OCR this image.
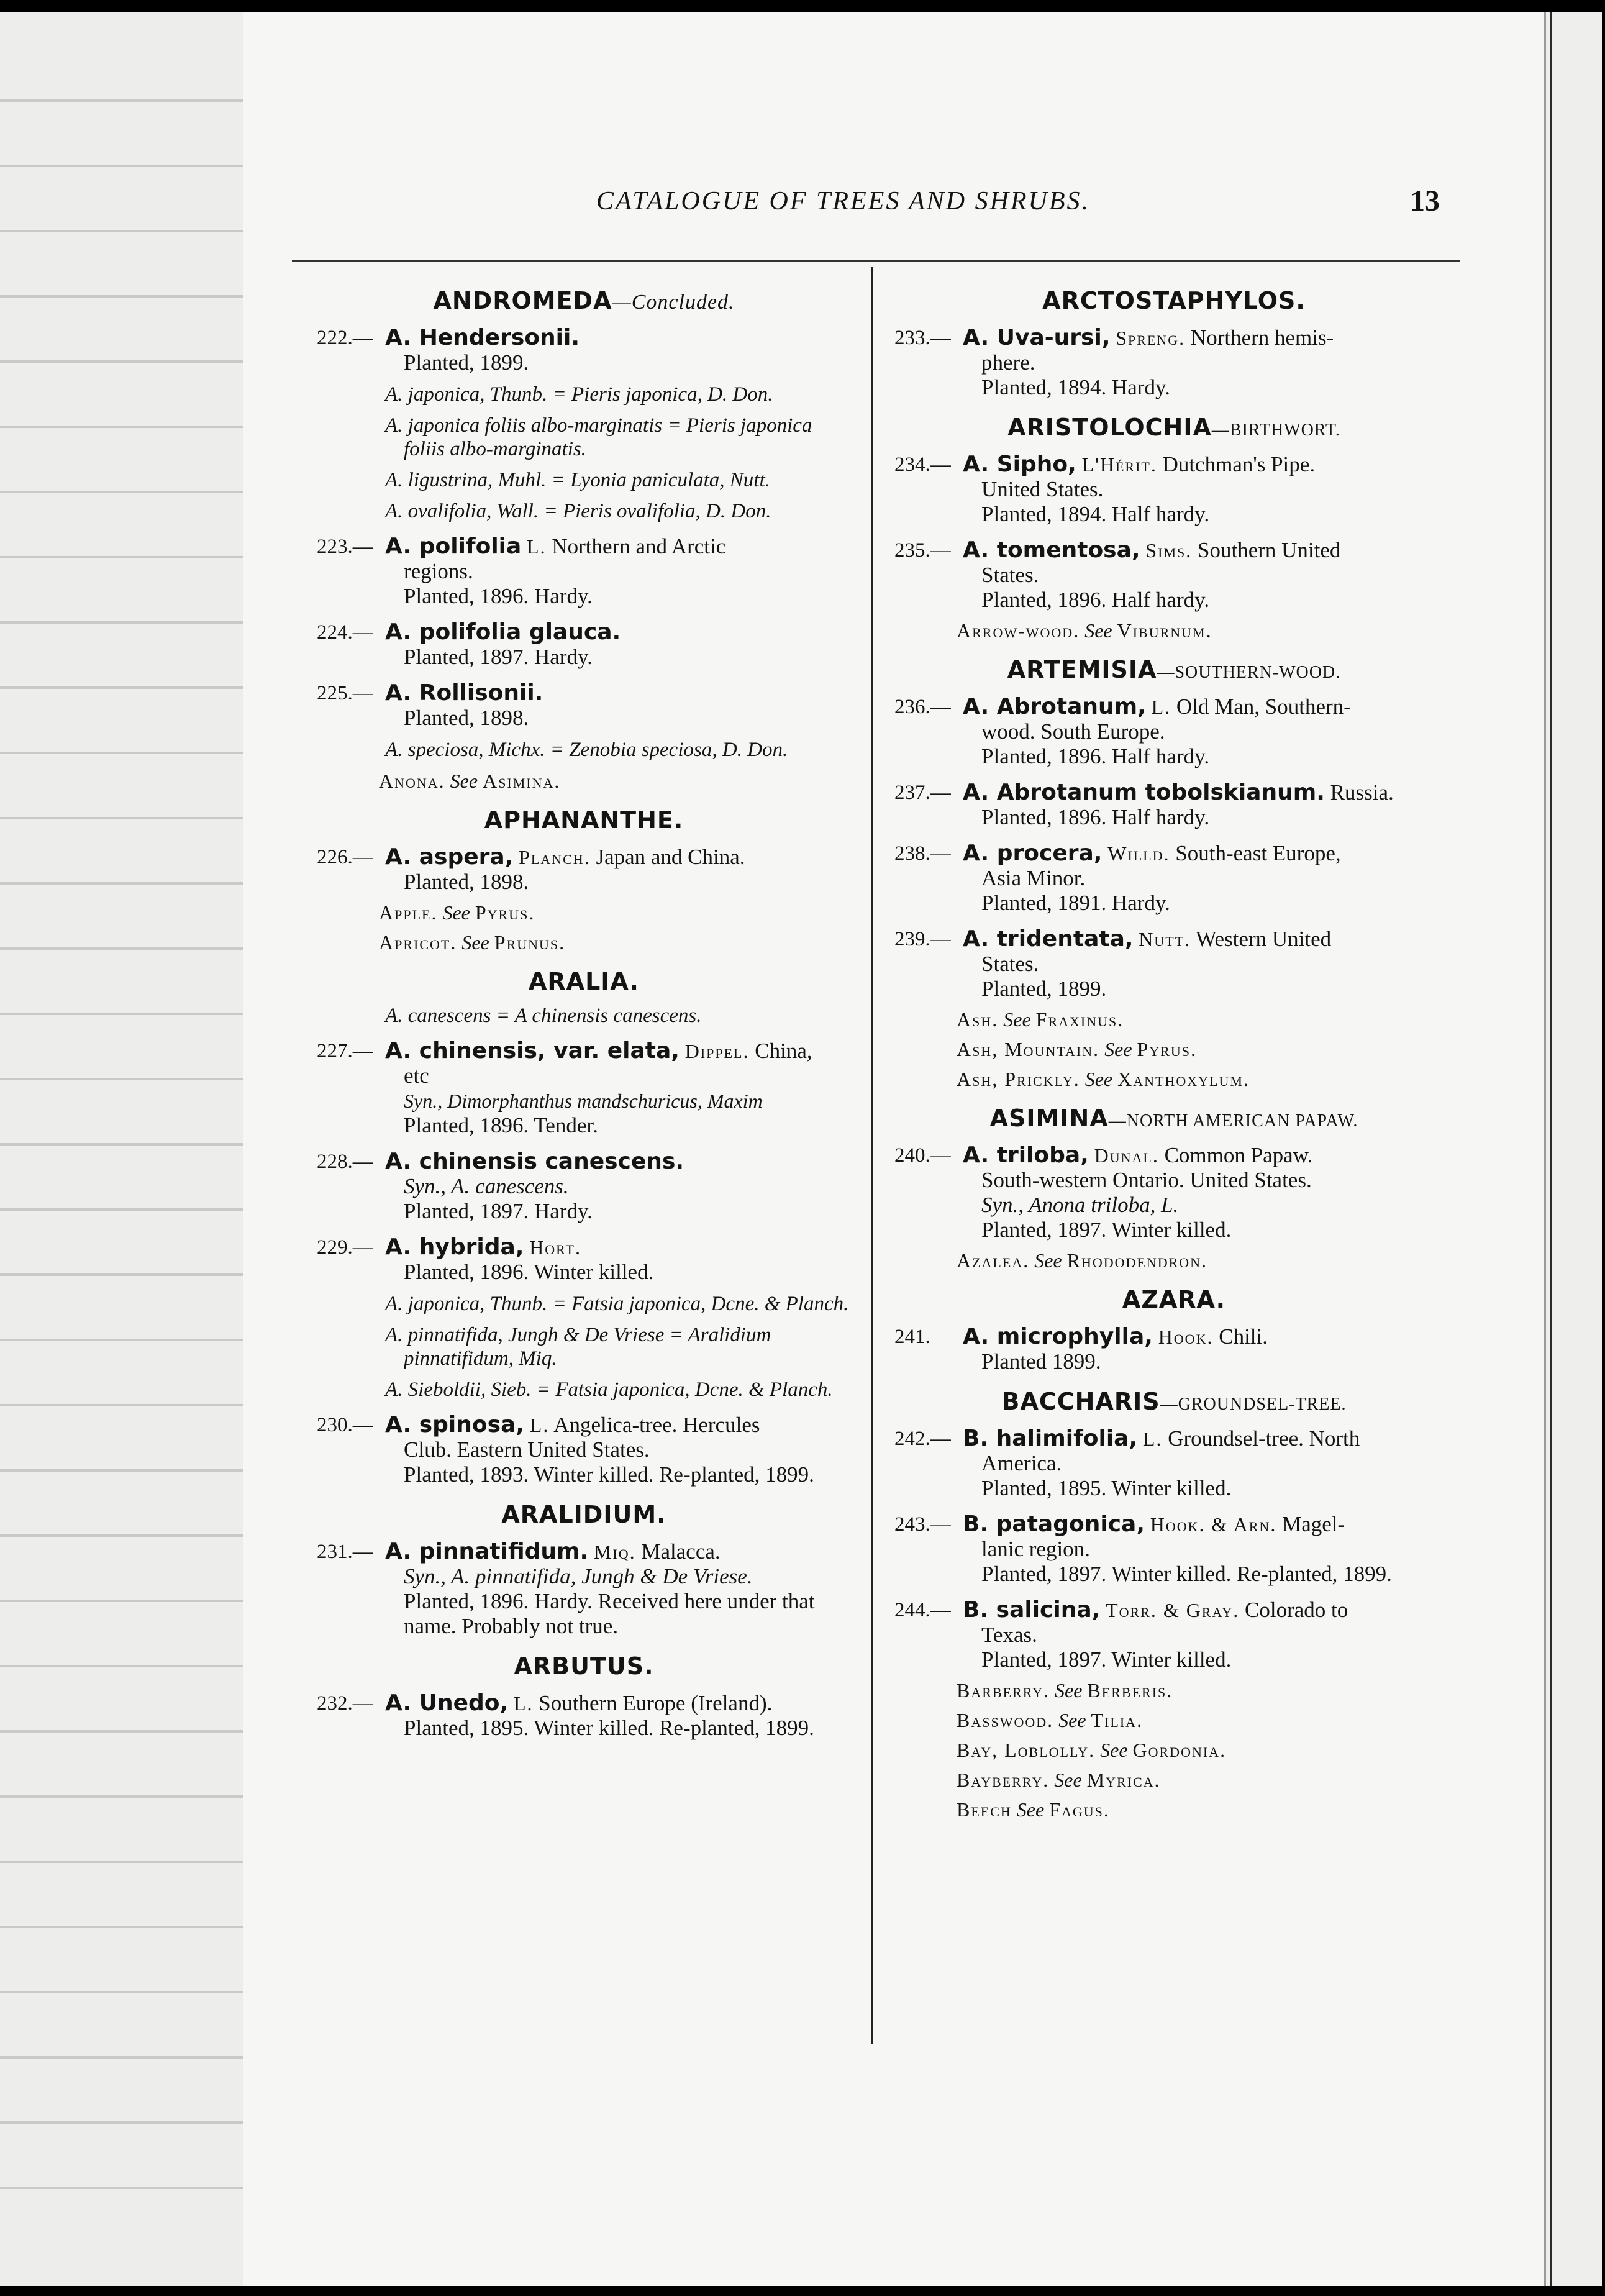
CATALOGUE OF TREES AND SHRUBS.	13
ANDROMEDA—Concluded.
222.— A. Hendersonii.
Planted, 1899.
A. japonica, Thunb. = Pieris japonica, D. Don.
A. japonica foliis albo-marginatis = Pieris japonica foliis albo-marginatis.
A. ligustrina, Muhl. = Lyonia paniculata, Nutt.
A. ovalifolia, Wall. = Pieris ovalifolia, D. Don.
223.— A. polifolia L. Northern and Arctic
regions.
Planted, 1896. Hardy.
224.— A. polifolia glauca.
Planted, 1897. Hardy.
225.— A. Rollisonii.
Planted, 1898.
A. speciosa, Michx. = Zenobia speciosa, D. Don.
Anona. See Asimina.
APHANANTHE.
226.— A. aspera, Planch. Japan and China.
Planted, 1898.
Apple. See Pyrus.
Apricot. See Prunus.
ARALIA.
A. canescens = A chinensis canescens.
227.— A. chinensis, var. elata, Dippel. China,
etc
Syn., Dimorphanthus mandschuricus, Maxim
Planted, 1896. Tender.
228.— A. chinensis canescens.
Syn., A. canescens.
Planted, 1897. Hardy.
229.— A. hybrida, Hort.
Planted, 1896. Winter killed.
A. japonica, Thunb. = Fatsia japonica, Dcne. & Planch.
A. pinnatifida, Jungh & De Vriese = Aralidium pinnatifidum, Miq.
A. Sieboldii, Sieb. = Fatsia japonica, Dcne. & Planch.
230.— A. spinosa, L. Angelica-tree. Hercules
Club. Eastern United States.
Planted, 1893. Winter killed. Re-planted, 1899.
ARALIDIUM.
231.— A. pinnatifidum. Miq. Malacca.
Syn., A. pinnatifida, Jungh & De Vriese.
Planted, 1896. Hardy. Received here under that name. Probably not true.
ARBUTUS.
232.— A. Unedo, L. Southern Europe (Ireland).
Planted, 1895. Winter killed. Re-planted, 1899.
ARCTOSTAPHYLOS.
233.— A. Uva-ursi, Spreng. Northern hemis-
phere.
Planted, 1894. Hardy.
ARISTOLOCHIA—BIRTHWORT.
234.— A. Sipho, L'Hérit. Dutchman's Pipe.
United States.
Planted, 1894. Half hardy.
235.— A. tomentosa, Sims. Southern United
States.
Planted, 1896. Half hardy.
Arrow-wood. See Viburnum.
ARTEMISIA—SOUTHERN-WOOD.
236.— A. Abrotanum, L. Old Man, Southern-
wood. South Europe.
Planted, 1896. Half hardy.
237.— A. Abrotanum tobolskianum. Russia.
Planted, 1896. Half hardy.
238.— A. procera, Willd. South-east Europe,
Asia Minor.
Planted, 1891. Hardy.
239.— A. tridentata, Nutt. Western United
States.
Planted, 1899.
Ash. See Fraxinus.
Ash, Mountain. See Pyrus.
Ash, Prickly. See Xanthoxylum.
ASIMINA—NORTH AMERICAN PAPAW.
240.— A. triloba, Dunal. Common Papaw.
South-western Ontario. United States.
Syn., Anona triloba, L.
Planted, 1897. Winter killed.
Azalea. See Rhododendron.
AZARA.
241. A. microphylla, Hook. Chili.
Planted 1899.
BACCHARIS—GROUNDSEL-TREE.
242.— B. halimifolia, L. Groundsel-tree. North
America.
Planted, 1895. Winter killed.
243.— B. patagonica, Hook. & Arn. Magel-
lanic region.
Planted, 1897. Winter killed. Re-planted, 1899.
244.— B. salicina, Torr. & Gray. Colorado to
Texas.
Planted, 1897. Winter killed.
Barberry. See Berberis.
Basswood. See Tilia.
Bay, Loblolly. See Gordonia.
Bayberry. See Myrica.
Beech See Fagus.
